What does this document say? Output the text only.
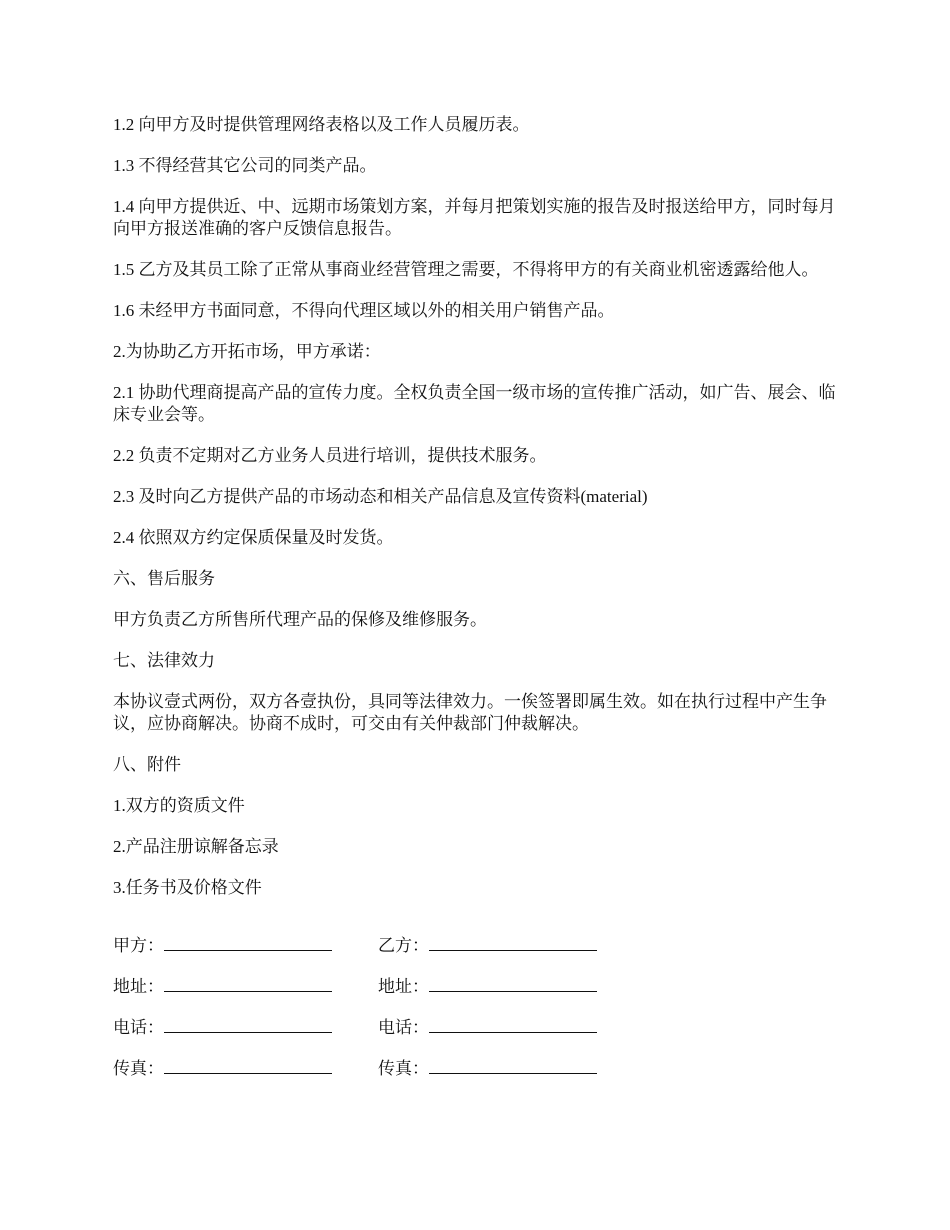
1.2 向甲方及时提供管理网络表格以及工作人员履历表。

1.3 不得经营其它公司的同类产品。

1.4 向甲方提供近、中、远期市场策划方案，并每月把策划实施的报告及时报送给甲方，同时每月向甲方报送准确的客户反馈信息报告。

1.5 乙方及其员工除了正常从事商业经营管理之需要，不得将甲方的有关商业机密透露给他人。

1.6 未经甲方书面同意，不得向代理区域以外的相关用户销售产品。

2.为协助乙方开拓市场，甲方承诺：

2.1 协助代理商提高产品的宣传力度。全权负责全国一级市场的宣传推广活动，如广告、展会、临床专业会等。

2.2 负责不定期对乙方业务人员进行培训，提供技术服务。

2.3 及时向乙方提供产品的市场动态和相关产品信息及宣传资料(material)

2.4 依照双方约定保质保量及时发货。

六、售后服务

甲方负责乙方所售所代理产品的保修及维修服务。

七、法律效力

本协议壹式两份，双方各壹执份，具同等法律效力。一俟签署即属生效。如在执行过程中产生争议，应协商解决。协商不成时，可交由有关仲裁部门仲裁解决。

八、附件

1.双方的资质文件

2.产品注册谅解备忘录

3.任务书及价格文件

甲方：	乙方：
地址：	地址：
电话：	电话：
传真：	传真：
